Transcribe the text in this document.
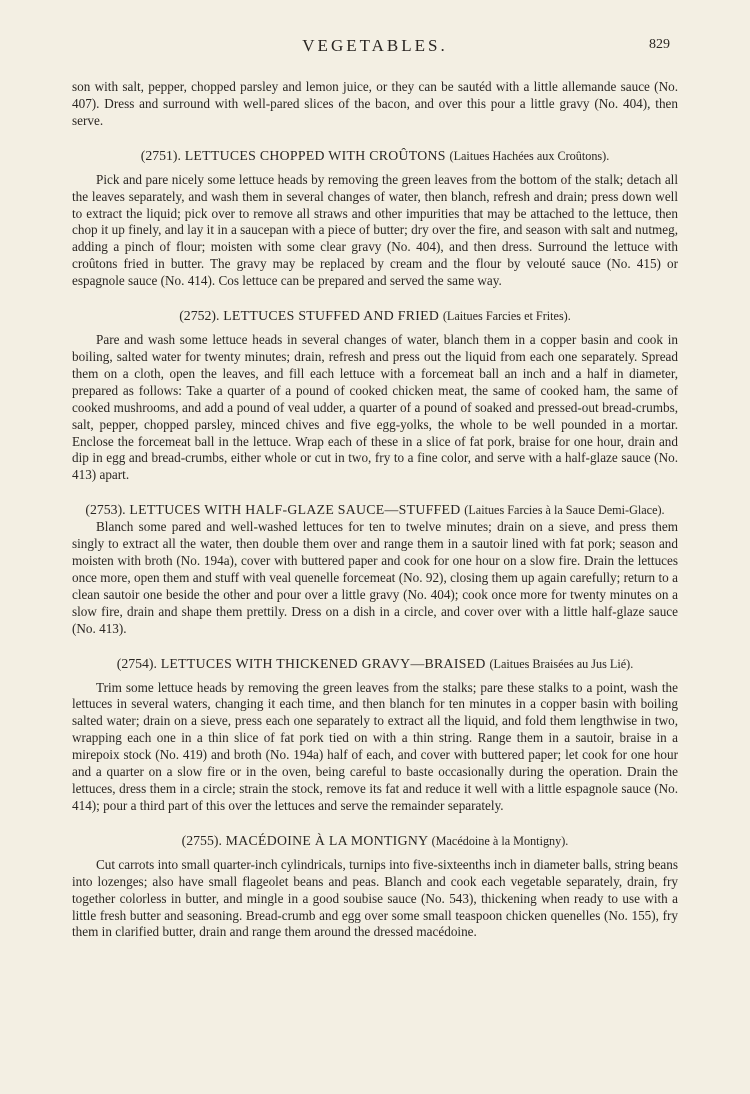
VEGETABLES.	829

son with salt, pepper, chopped parsley and lemon juice, or they can be sautéd with a little allemande sauce (No. 407). Dress and surround with well-pared slices of the bacon, and over this pour a little gravy (No. 404), then serve.

(2751). LETTUCES CHOPPED WITH CROÛTONS (Laitues Hachées aux Croûtons).

Pick and pare nicely some lettuce heads by removing the green leaves from the bottom of the stalk; detach all the leaves separately, and wash them in several changes of water, then blanch, refresh and drain; press down well to extract the liquid; pick over to remove all straws and other impurities that may be attached to the lettuce, then chop it up finely, and lay it in a saucepan with a piece of butter; dry over the fire, and season with salt and nutmeg, adding a pinch of flour; moisten with some clear gravy (No. 404), and then dress. Surround the lettuce with croûtons fried in butter. The gravy may be replaced by cream and the flour by velouté sauce (No. 415) or espagnole sauce (No. 414). Cos lettuce can be prepared and served the same way.

(2752). LETTUCES STUFFED AND FRIED (Laitues Farcies et Frites).

Pare and wash some lettuce heads in several changes of water, blanch them in a copper basin and cook in boiling, salted water for twenty minutes; drain, refresh and press out the liquid from each one separately. Spread them on a cloth, open the leaves, and fill each lettuce with a forcemeat ball an inch and a half in diameter, prepared as follows: Take a quarter of a pound of cooked chicken meat, the same of cooked ham, the same of cooked mushrooms, and add a pound of veal udder, a quarter of a pound of soaked and pressed-out bread-crumbs, salt, pepper, chopped parsley, minced chives and five egg-yolks, the whole to be well pounded in a mortar. Enclose the forcemeat ball in the lettuce. Wrap each of these in a slice of fat pork, braise for one hour, drain and dip in egg and bread-crumbs, either whole or cut in two, fry to a fine color, and serve with a half-glaze sauce (No. 413) apart.

(2753). LETTUCES WITH HALF-GLAZE SAUCE—STUFFED (Laitues Farcies à la Sauce Demi-Glace).

Blanch some pared and well-washed lettuces for ten to twelve minutes; drain on a sieve, and press them singly to extract all the water, then double them over and range them in a sautoir lined with fat pork; season and moisten with broth (No. 194a), cover with buttered paper and cook for one hour on a slow fire. Drain the lettuces once more, open them and stuff with veal quenelle forcemeat (No. 92), closing them up again carefully; return to a clean sautoir one beside the other and pour over a little gravy (No. 404); cook once more for twenty minutes on a slow fire, drain and shape them prettily. Dress on a dish in a circle, and cover over with a little half-glaze sauce (No. 413).

(2754). LETTUCES WITH THICKENED GRAVY—BRAISED (Laitues Braisées au Jus Lié).

Trim some lettuce heads by removing the green leaves from the stalks; pare these stalks to a point, wash the lettuces in several waters, changing it each time, and then blanch for ten minutes in a copper basin with boiling salted water; drain on a sieve, press each one separately to extract all the liquid, and fold them lengthwise in two, wrapping each one in a thin slice of fat pork tied on with a thin string. Range them in a sautoir, braise in a mirepoix stock (No. 419) and broth (No. 194a) half of each, and cover with buttered paper; let cook for one hour and a quarter on a slow fire or in the oven, being careful to baste occasionally during the operation. Drain the lettuces, dress them in a circle; strain the stock, remove its fat and reduce it well with a little espagnole sauce (No. 414); pour a third part of this over the lettuces and serve the remainder separately.

(2755). MACÉDOINE À LA MONTIGNY (Macédoine à la Montigny).

Cut carrots into small quarter-inch cylindricals, turnips into five-sixteenths inch in diameter balls, string beans into lozenges; also have small flageolet beans and peas. Blanch and cook each vegetable separately, drain, fry together colorless in butter, and mingle in a good soubise sauce (No. 543), thickening when ready to use with a little fresh butter and seasoning. Bread-crumb and egg over some small teaspoon chicken quenelles (No. 155), fry them in clarified butter, drain and range them around the dressed macédoine.
